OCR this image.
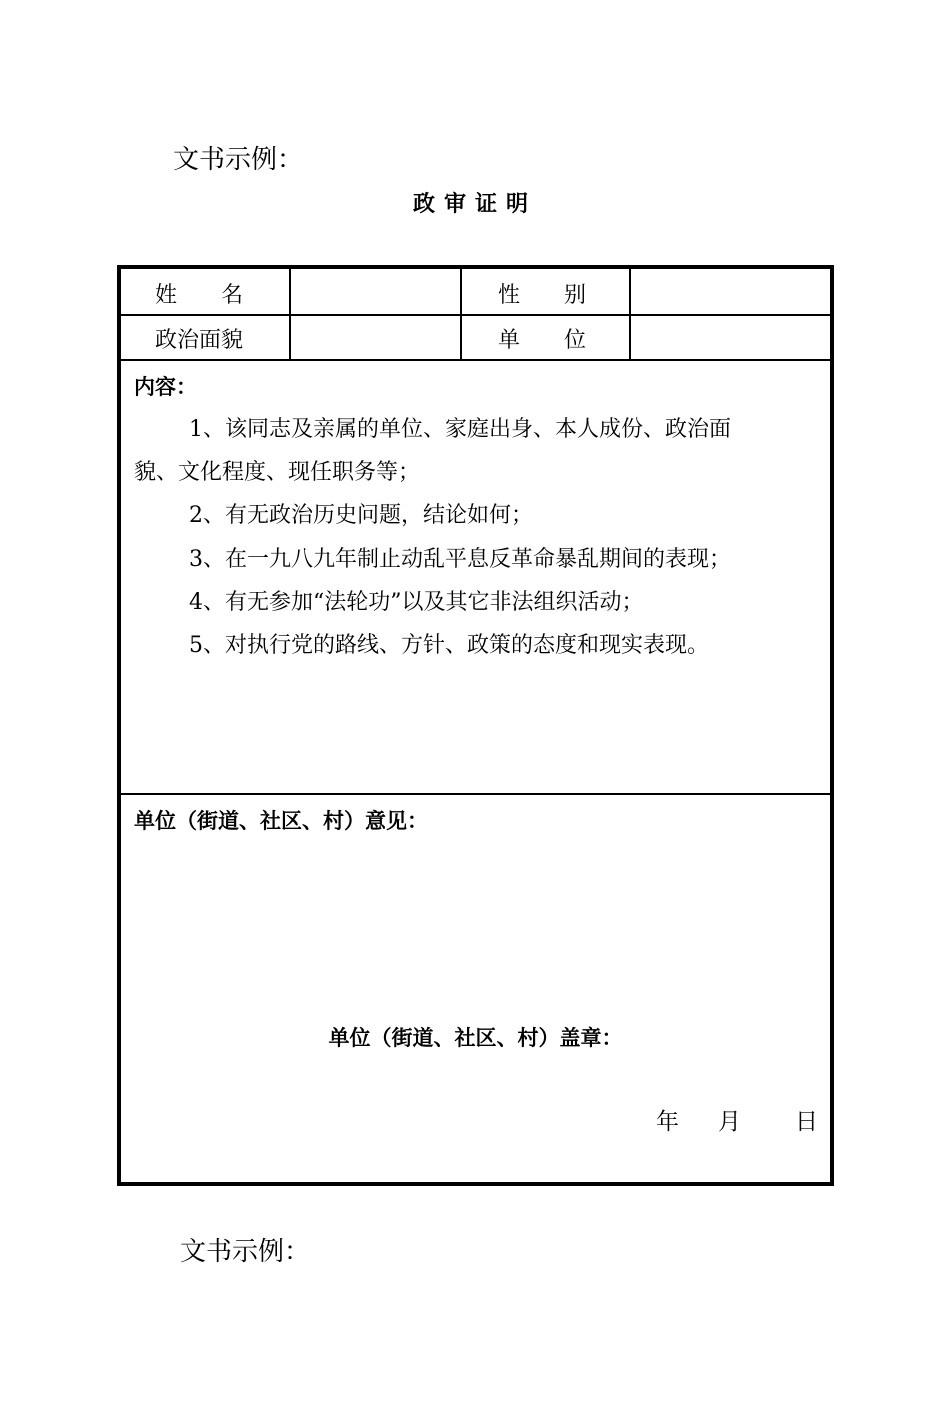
文书示例：
政审证明
姓　　名	性　　别
政治面貌	单　　位
内容：
1、该同志及亲属的单位、家庭出身、本人成份、政治面
貌、文化程度、现任职务等；
2、有无政治历史问题，结论如何；
3、在一九八九年制止动乱平息反革命暴乱期间的表现；
4、有无参加“法轮功”以及其它非法组织活动；
5、对执行党的路线、方针、政策的态度和现实表现。
单位（街道、社区、村）意见：
单位（街道、社区、村）盖章：
年 月 日
文书示例：
